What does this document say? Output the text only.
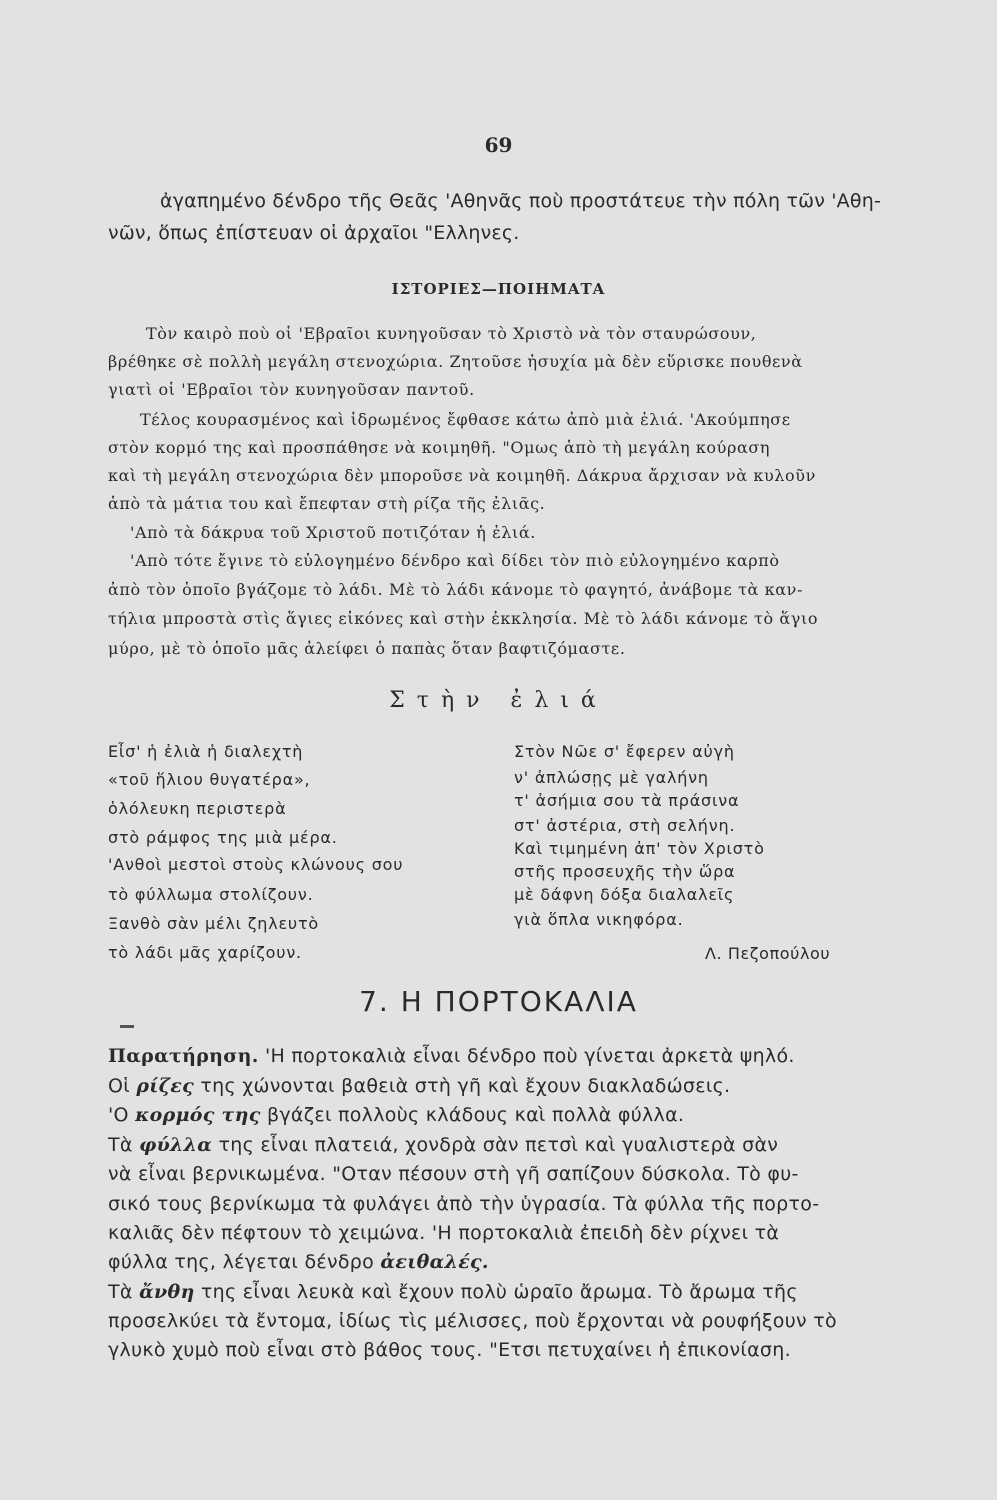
69
ἀγαπημένο δένδρο τῆς Θεᾶς 'Αθηνᾶς ποὺ προστάτευε τὴν πόλη τῶν 'Αθη-
νῶν, ὅπως ἐπίστευαν οἱ ἀρχαῖοι "Ελληνες.
ΙΣΤΟΡΙΕΣ—ΠΟΙΗΜΑΤΑ
Τὸν καιρὸ ποὺ οἱ 'Εβραῖοι κυνηγοῦσαν τὸ Χριστὸ νὰ τὸν σταυρώσουν,
βρέθηκε σὲ πολλὴ μεγάλη στενοχώρια. Ζητοῦσε ἡσυχία μὰ δὲν εὕρισκε πουθενὰ
γιατὶ οἱ 'Εβραῖοι τὸν κυνηγοῦσαν παντοῦ.
Τέλος κουρασμένος καὶ ἱδρωμένος ἔφθασε κάτω ἀπὸ μιὰ ἐλιά. 'Ακούμπησε
στὸν κορμό της καὶ προσπάθησε νὰ κοιμηθῆ. "Ομως ἀπὸ τὴ μεγάλη κούραση
καὶ τὴ μεγάλη στενοχώρια δὲν μποροῦσε νὰ κοιμηθῆ. Δάκρυα ἄρχισαν νὰ κυλοῦν
ἀπὸ τὰ μάτια του καὶ ἔπεφταν στὴ ρίζα τῆς ἐλιᾶς.
'Απὸ τὰ δάκρυα τοῦ Χριστοῦ ποτιζόταν ἡ ἐλιά.
'Απὸ τότε ἔγινε τὸ εὐλογημένο δένδρο καὶ δίδει τὸν πιὸ εὐλογημένο καρπὸ
ἀπὸ τὸν ὁποῖο βγάζομε τὸ λάδι. Μὲ τὸ λάδι κάνομε τὸ φαγητό, ἀνάβομε τὰ καν-
τήλια μπροστὰ στὶς ἅγιες εἰκόνες καὶ στὴν ἐκκλησία. Μὲ τὸ λάδι κάνομε τὸ ἅγιο
μύρο, μὲ τὸ ὁποῖο μᾶς ἀλείφει ὁ παπὰς ὅταν βαφτιζόμαστε.
Στὴν ἐλιά
Εἶσ' ἡ ἐλιὰ ἡ διαλεχτὴ
«τοῦ ἥλιου θυγατέρα»,
ὁλόλευκη περιστερὰ
στὸ ράμφος της μιὰ μέρα.
'Ανθοὶ μεστοὶ στοὺς κλώνους σου
τὸ φύλλωμα στολίζουν.
Ξανθὸ σὰν μέλι ζηλευτὸ
τὸ λάδι μᾶς χαρίζουν.
Στὸν Νῶε σ' ἔφερεν αὐγὴ
ν' ἀπλώσῃς μὲ γαλήνη
τ' ἀσήμια σου τὰ πράσινα
στ' ἀστέρια, στὴ σελήνη.
Καὶ τιμημένη ἀπ' τὸν Χριστὸ
στῆς προσευχῆς τὴν ὥρα
μὲ δάφνη δόξα διαλαλεῖς
γιὰ ὅπλα νικηφόρα.
Λ. Πεζοπούλου
7. Η ΠΟΡΤΟΚΑΛΙΑ
Παρατήρηση. 'Η πορτοκαλιὰ εἶναι δένδρο ποὺ γίνεται ἀρκετὰ ψηλό.
Οἱ ρίζες της χώνονται βαθειὰ στὴ γῆ καὶ ἔχουν διακλαδώσεις.
'Ο κορμός της βγάζει πολλοὺς κλάδους καὶ πολλὰ φύλλα.
Τὰ φύλλα της εἶναι πλατειά, χονδρὰ σὰν πετσὶ καὶ γυαλιστερὰ σὰν
νὰ εἶναι βερνικωμένα. "Οταν πέσουν στὴ γῆ σαπίζουν δύσκολα. Τὸ φυ-
σικό τους βερνίκωμα τὰ φυλάγει ἀπὸ τὴν ὑγρασία. Τὰ φύλλα τῆς πορτο-
καλιᾶς δὲν πέφτουν τὸ χειμώνα. 'Η πορτοκαλιὰ ἐπειδὴ δὲν ρίχνει τὰ
φύλλα της, λέγεται δένδρο ἀειθαλές.
Τὰ ἄνθη της εἶναι λευκὰ καὶ ἔχουν πολὺ ὡραῖο ἄρωμα. Τὸ ἄρωμα τῆς
προσελκύει τὰ ἔντομα, ἰδίως τὶς μέλισσες, ποὺ ἔρχονται νὰ ρουφήξουν τὸ
γλυκὸ χυμὸ ποὺ εἶναι στὸ βάθος τους. "Ετσι πετυχαίνει ἡ ἐπικονίαση.
